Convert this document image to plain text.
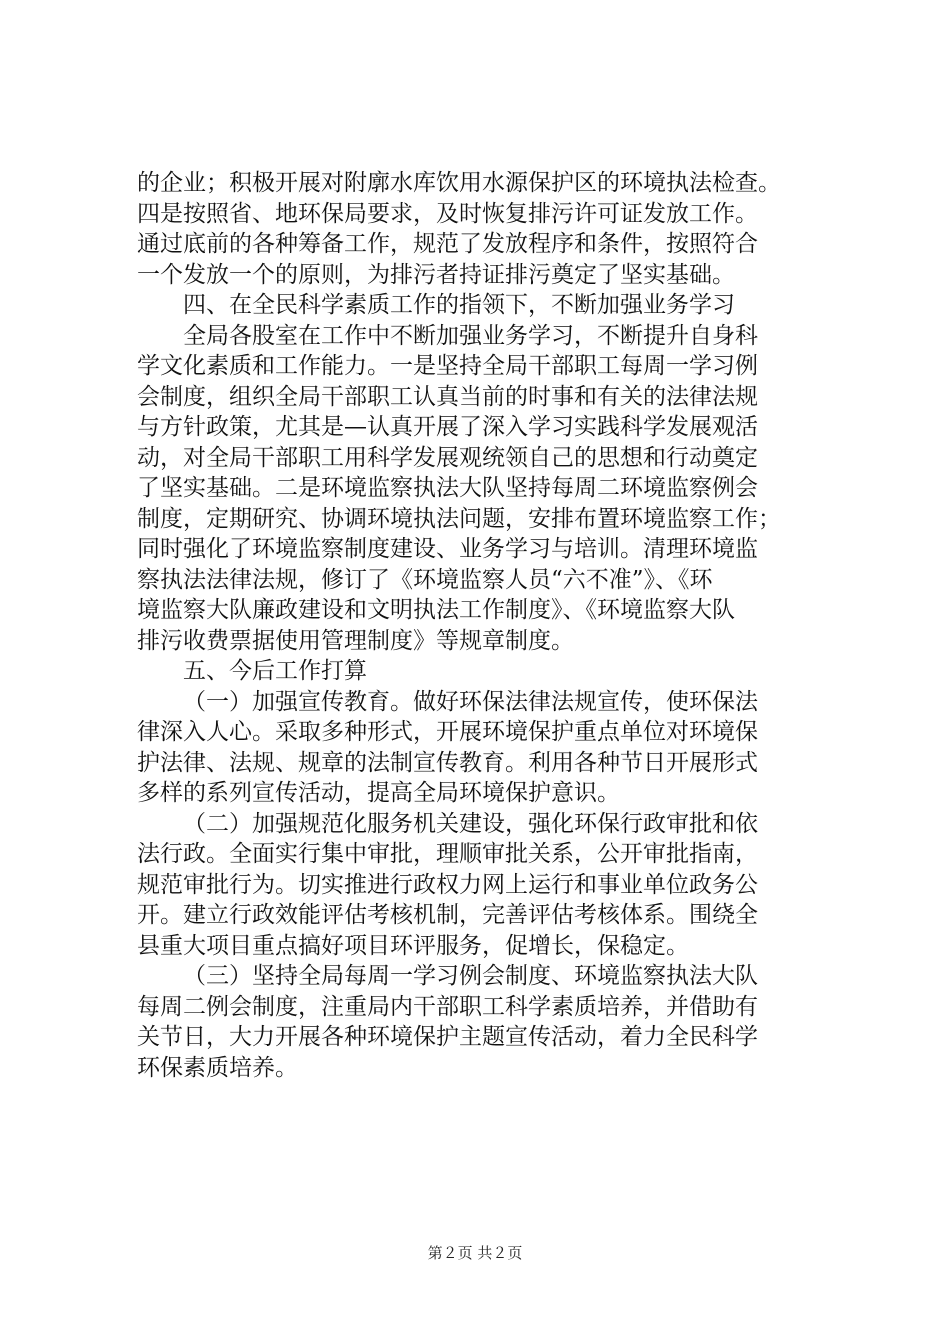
的企业；积极开展对附廓水库饮用水源保护区的环境执法检查。
四是按照省、地环保局要求，及时恢复排污许可证发放工作。
通过底前的各种筹备工作，规范了发放程序和条件，按照符合
一个发放一个的原则，为排污者持证排污奠定了坚实基础。
四、在全民科学素质工作的指领下，不断加强业务学习
全局各股室在工作中不断加强业务学习，不断提升自身科
学文化素质和工作能力。一是坚持全局干部职工每周一学习例
会制度，组织全局干部职工认真当前的时事和有关的法律法规
与方针政策，尤其是—认真开展了深入学习实践科学发展观活
动，对全局干部职工用科学发展观统领自己的思想和行动奠定
了坚实基础。二是环境监察执法大队坚持每周二环境监察例会
制度，定期研究、协调环境执法问题，安排布置环境监察工作；
同时强化了环境监察制度建设、业务学习与培训。清理环境监
察执法法律法规，修订了《环境监察人员“六不准”》、《环
境监察大队廉政建设和文明执法工作制度》、《环境监察大队
排污收费票据使用管理制度》等规章制度。
五、今后工作打算
（一）加强宣传教育。做好环保法律法规宣传，使环保法
律深入人心。采取多种形式，开展环境保护重点单位对环境保
护法律、法规、规章的法制宣传教育。利用各种节日开展形式
多样的系列宣传活动，提高全局环境保护意识。
（二）加强规范化服务机关建设，强化环保行政审批和依
法行政。全面实行集中审批，理顺审批关系，公开审批指南，
规范审批行为。切实推进行政权力网上运行和事业单位政务公
开。建立行政效能评估考核机制，完善评估考核体系。围绕全
县重大项目重点搞好项目环评服务，促增长，保稳定。
（三）坚持全局每周一学习例会制度、环境监察执法大队
每周二例会制度，注重局内干部职工科学素质培养，并借助有
关节日，大力开展各种环境保护主题宣传活动，着力全民科学
环保素质培养。
第２页 共２页
